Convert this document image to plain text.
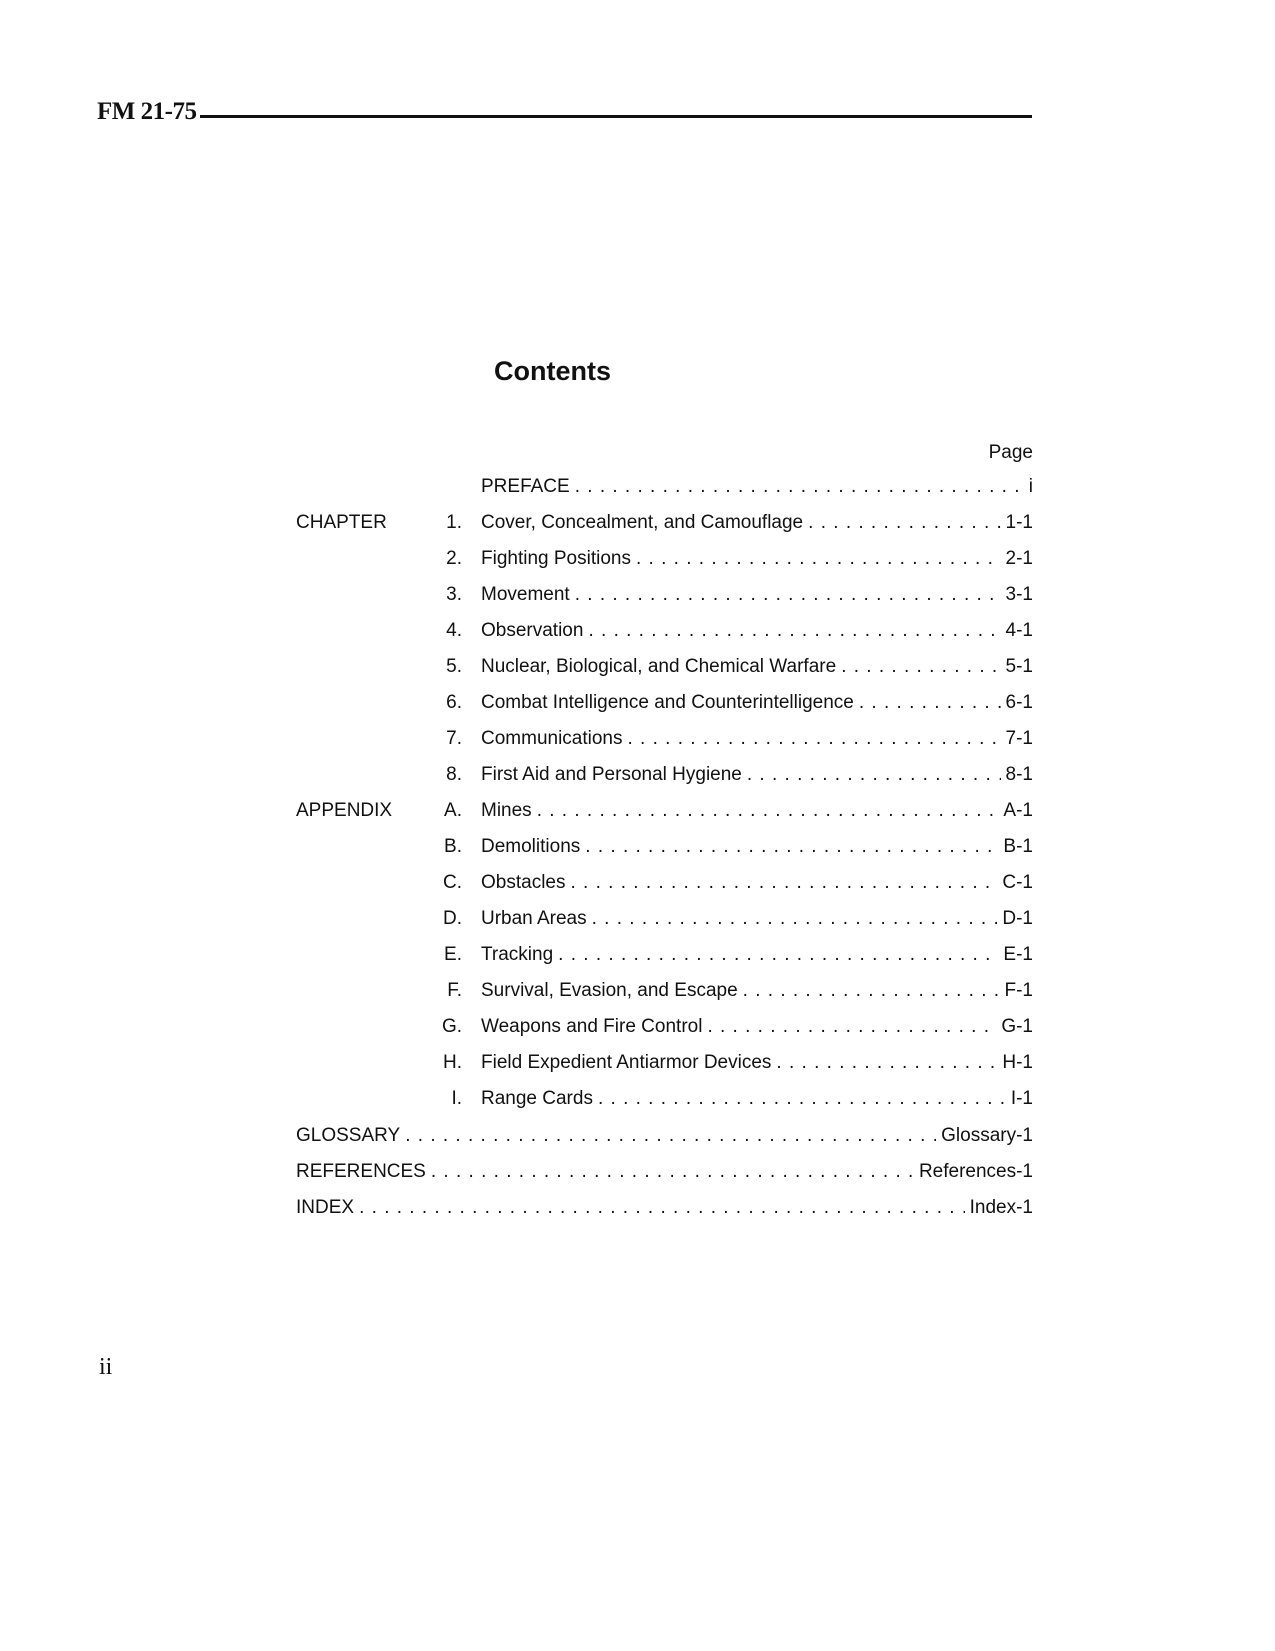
FM 21-75
Contents
Page
PREFACE . . .	i
CHAPTER	1. Cover, Concealment, and Camouflage . . .	1-1
2. Fighting Positions . . .	2-1
3. Movement . . .	3-1
4. Observation . . .	4-1
5. Nuclear, Biological, and Chemical Warfare . . .	5-1
6. Combat Intelligence and Counterintelligence . . .	6-1
7. Communications . . .	7-1
8. First Aid and Personal Hygiene . . .	8-1
APPENDIX	A. Mines . . .	A-1
B. Demolitions . . .	B-1
C. Obstacles . . .	C-1
D. Urban Areas . . .	D-1
E. Tracking . . .	E-1
F. Survival, Evasion, and Escape . . .	F-1
G. Weapons and Fire Control . . .	G-1
H. Field Expedient Antiarmor Devices . . .	H-1
I. Range Cards . . .	I-1
GLOSSARY . . .	Glossary-1
REFERENCES . . .	References-1
INDEX . . .	Index-1
ii
